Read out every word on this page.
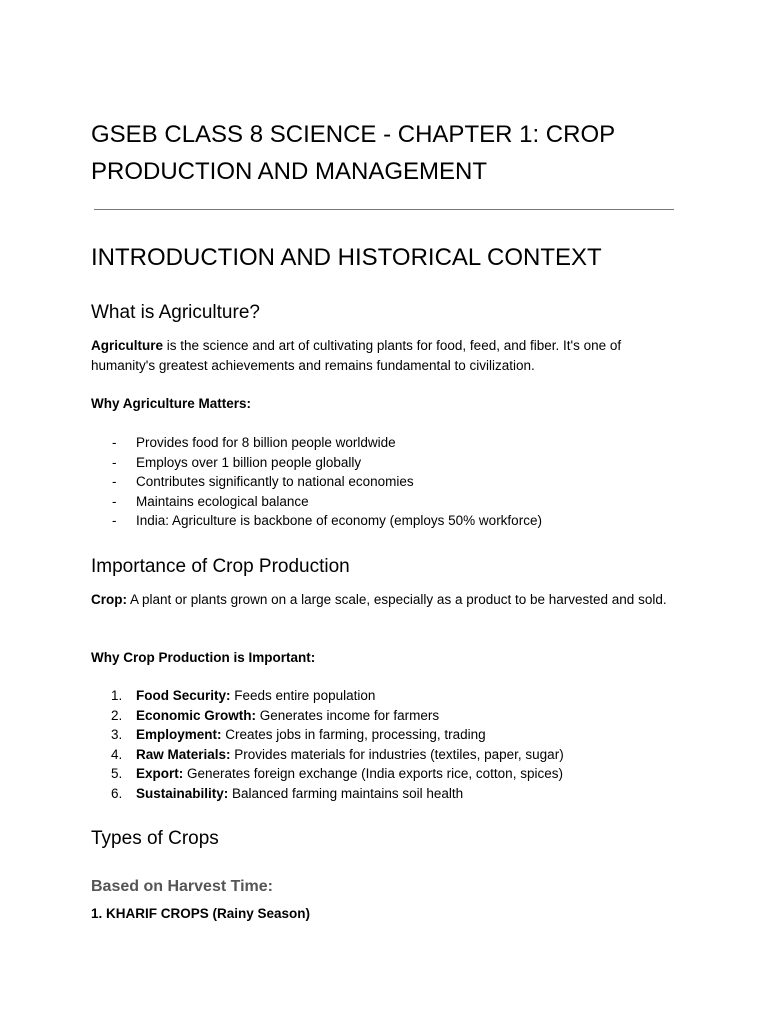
GSEB CLASS 8 SCIENCE - CHAPTER 1: CROP PRODUCTION AND MANAGEMENT
INTRODUCTION AND HISTORICAL CONTEXT
What is Agriculture?

Agriculture is the science and art of cultivating plants for food, feed, and fiber. It's one of humanity's greatest achievements and remains fundamental to civilization.

Why Agriculture Matters:

- Provides food for 8 billion people worldwide
- Employs over 1 billion people globally
- Contributes significantly to national economies
- Maintains ecological balance
- India: Agriculture is backbone of economy (employs 50% workforce)
Importance of Crop Production

Crop: A plant or plants grown on a large scale, especially as a product to be harvested and sold.

Why Crop Production is Important:

1. Food Security: Feeds entire population
2. Economic Growth: Generates income for farmers
3. Employment: Creates jobs in farming, processing, trading
4. Raw Materials: Provides materials for industries (textiles, paper, sugar)
5. Export: Generates foreign exchange (India exports rice, cotton, spices)
6. Sustainability: Balanced farming maintains soil health
Types of Crops
Based on Harvest Time:

1. KHARIF CROPS (Rainy Season)
